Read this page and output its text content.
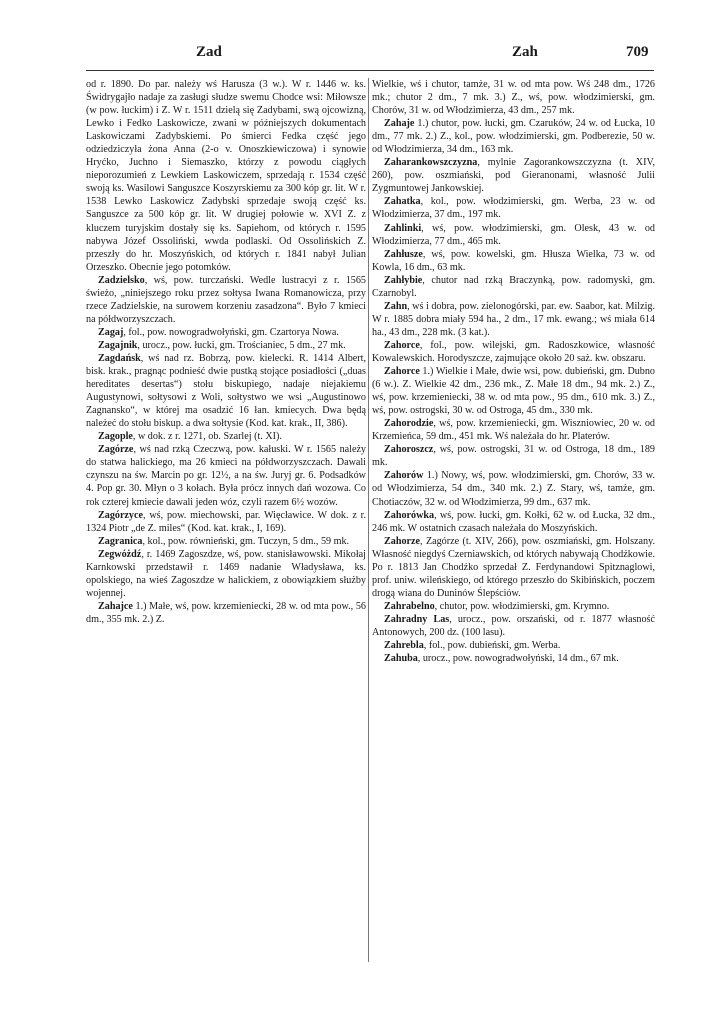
Zad	Zah	709

od r. 1890. Do par. należy wś Harusza (3 w.). W r. 1446 w. ks. Świdrygajło nadaje za zasługi słudze swemu Chodce wsi: Miłowsze (w pow. łuckim) i Z. W r. 1511 dzielą się Zadybami, swą ojcowizną, Lewko i Fedko Laskowicze, zwani w późniejszych dokumentach Laskowiczami Zadybskiemi. Po śmierci Fedka część jego odziedziczyła żona Anna (2-o v. Onoszkiewiczowa) i synowie Hryćko, Juchno i Siemaszko, którzy z powodu ciągłych nieporozumień z Lewkiem Laskowiczem, sprzedają r. 1534 część swoją ks. Wasilowi Sanguszce Koszyrskiemu za 300 kóp gr. lit. W r. 1538 Lewko Laskowicz Zadybski sprzedaje swoją część ks. Sanguszce za 500 kóp gr. lit. W drugiej połowie w. XVI Z. z kluczem turyjskim dostały się ks. Sapiehom, od których r. 1595 nabywa Józef Ossoliński, wwda podlaski. Od Ossolińskich Z. przeszły do hr. Moszyńskich, od których r. 1841 nabył Julian Orzeszko. Obecnie jego potomków.

Zadzielsko, wś, pow. turczański. Wedle lustracyi z r. 1565 świeżo, „niniejszego roku przez sołtysa Iwana Romanowicza, przy rzece Zadzielskie, na surowem korzeniu zasadzona“. Było 7 kmieci na półdworzyszczach.

Zagaj, fol., pow. nowogradwołyński, gm. Czartorya Nowa.

Zagajnik, urocz., pow. łucki, gm. Trościaniec, 5 dm., 27 mk.

Zagdańsk, wś nad rz. Bobrzą, pow. kielecki. R. 1414 Albert, bisk. krak., pragnąc podnieść dwie pustką stojące posiadłości („duas hereditates desertas“) stołu biskupiego, nadaje niejakiemu Augustynowi, sołtysowi z Woli, sołtystwo we wsi „Augustinowo Zagnansko“, w której ma osadzić 16 łan. kmiecych. Dwa będą należeć do stołu biskup. a dwa sołtysie (Kod. kat. krak., II, 386).

Zagople, w dok. z r. 1271, ob. Szarlej (t. XI).

Zagórze, wś nad rzką Czeczwą, pow. kałuski. W r. 1565 należy do statwa halickiego, ma 26 kmieci na półdworzyszczach. Dawali czynszu na św. Marcin po gr. 12½, a na św. Juryj gr. 6. Podsadków 4. Pop gr. 30. Młyn o 3 kołach. Była prócz innych dań wozowa. Co rok czterej kmiecie dawali jeden wóz, czyli razem 6½ wozów.

Zagórzyce, wś, pow. miechowski, par. Więcławice. W dok. z r. 1324 Piotr „de Z. miles“ (Kod. kat. krak., I, 169).

Zagranica, kol., pow. równieński, gm. Tuczyn, 5 dm., 59 mk.

Zegwóżdź, r. 1469 Zagoszdze, wś, pow. stanisławowski. Mikołaj Karnkowski przedstawił r. 1469 nadanie Władysława, ks. opolskiego, na wieś Zagoszdze w halickiem, z obowiązkiem służby wojennej.

Zahajce 1.) Małe, wś, pow. krzemieniecki, 28 w. od mta pow., 56 dm., 355 mk. 2.) Z.

Wielkie, wś i chutor, tamże, 31 w. od mta pow. Wś 248 dm., 1726 mk.; chutor 2 dm., 7 mk. 3.) Z., wś, pow. włodzimierski, gm. Chorów, 31 w. od Włodzimierza, 43 dm., 257 mk.

Zahaje 1.) chutor, pow. łucki, gm. Czaruków, 24 w. od Łucka, 10 dm., 77 mk. 2.) Z., kol., pow. włodzimierski, gm. Podberezie, 50 w. od Włodzimierza, 34 dm., 163 mk.

Zaharankowszczyzna, mylnie Zagorankowszczyzna (t. XIV, 260), pow. oszmiański, pod Gieranonami, własność Julii Zygmuntowej Jankowskiej.

Zahatka, kol., pow. włodzimierski, gm. Werba, 23 w. od Włodzimierza, 37 dm., 197 mk.

Zahlinki, wś, pow. włodzimierski, gm. Olesk, 43 w. od Włodzimierza, 77 dm., 465 mk.

Zahłusze, wś, pow. kowelski, gm. Hłusza Wielka, 73 w. od Kowla, 16 dm., 63 mk.

Zahłybie, chutor nad rzką Braczynką, pow. radomyski, gm. Czarnobyl.

Zahn, wś i dobra, pow. zielonogórski, par. ew. Saabor, kat. Milzig. W r. 1885 dobra miały 594 ha., 2 dm., 17 mk. ewang.; wś miała 614 ha., 43 dm., 228 mk. (3 kat.).

Zahorce, fol., pow. wilejski, gm. Radoszkowice, własność Kowalewskich. Horodyszcze, zajmujące około 20 saż. kw. obszaru.

Zahorce 1.) Wielkie i Małe, dwie wsi, pow. dubieński, gm. Dubno (6 w.). Z. Wielkie 42 dm., 236 mk., Z. Małe 18 dm., 94 mk. 2.) Z., wś, pow. krzemieniecki, 38 w. od mta pow., 95 dm., 610 mk. 3.) Z., wś, pow. ostrogski, 30 w. od Ostroga, 45 dm., 330 mk.

Zahorodzie, wś, pow. krzemieniecki, gm. Wiszniowiec, 20 w. od Krzemieńca, 59 dm., 451 mk. Wś należała do hr. Platerów.

Zahoroszcz, wś, pow. ostrogski, 31 w. od Ostroga, 18 dm., 189 mk.

Zahorów 1.) Nowy, wś, pow. włodzimierski, gm. Chorów, 33 w. od Włodzimierza, 54 dm., 340 mk. 2.) Z. Stary, wś, tamże, gm. Chotiaczów, 32 w. od Włodzimierza, 99 dm., 637 mk.

Zahorówka, wś, pow. łucki, gm. Kołki, 62 w. od Łucka, 32 dm., 246 mk. W ostatnich czasach należała do Moszyńskich.

Zahorze, Zagórze (t. XIV, 266), pow. oszmiański, gm. Holszany. Własność niegdyś Czerniawskich, od których nabywają Chodźkowie. Po r. 1813 Jan Chodźko sprzedał Z. Ferdynandowi Spitznaglowi, prof. uniw. wileńskiego, od którego przeszło do Skibińskich, poczem drogą wiana do Duninów Ślepściów.

Zahrabelno, chutor, pow. włodzimierski, gm. Krymno.

Zahradny Las, urocz., pow. orszański, od r. 1877 własność Antonowych, 200 dz. (100 lasu).

Zahrebla, fol., pow. dubieński, gm. Werba.

Zahuba, urocz., pow. nowogradwołyński, 14 dm., 67 mk.
